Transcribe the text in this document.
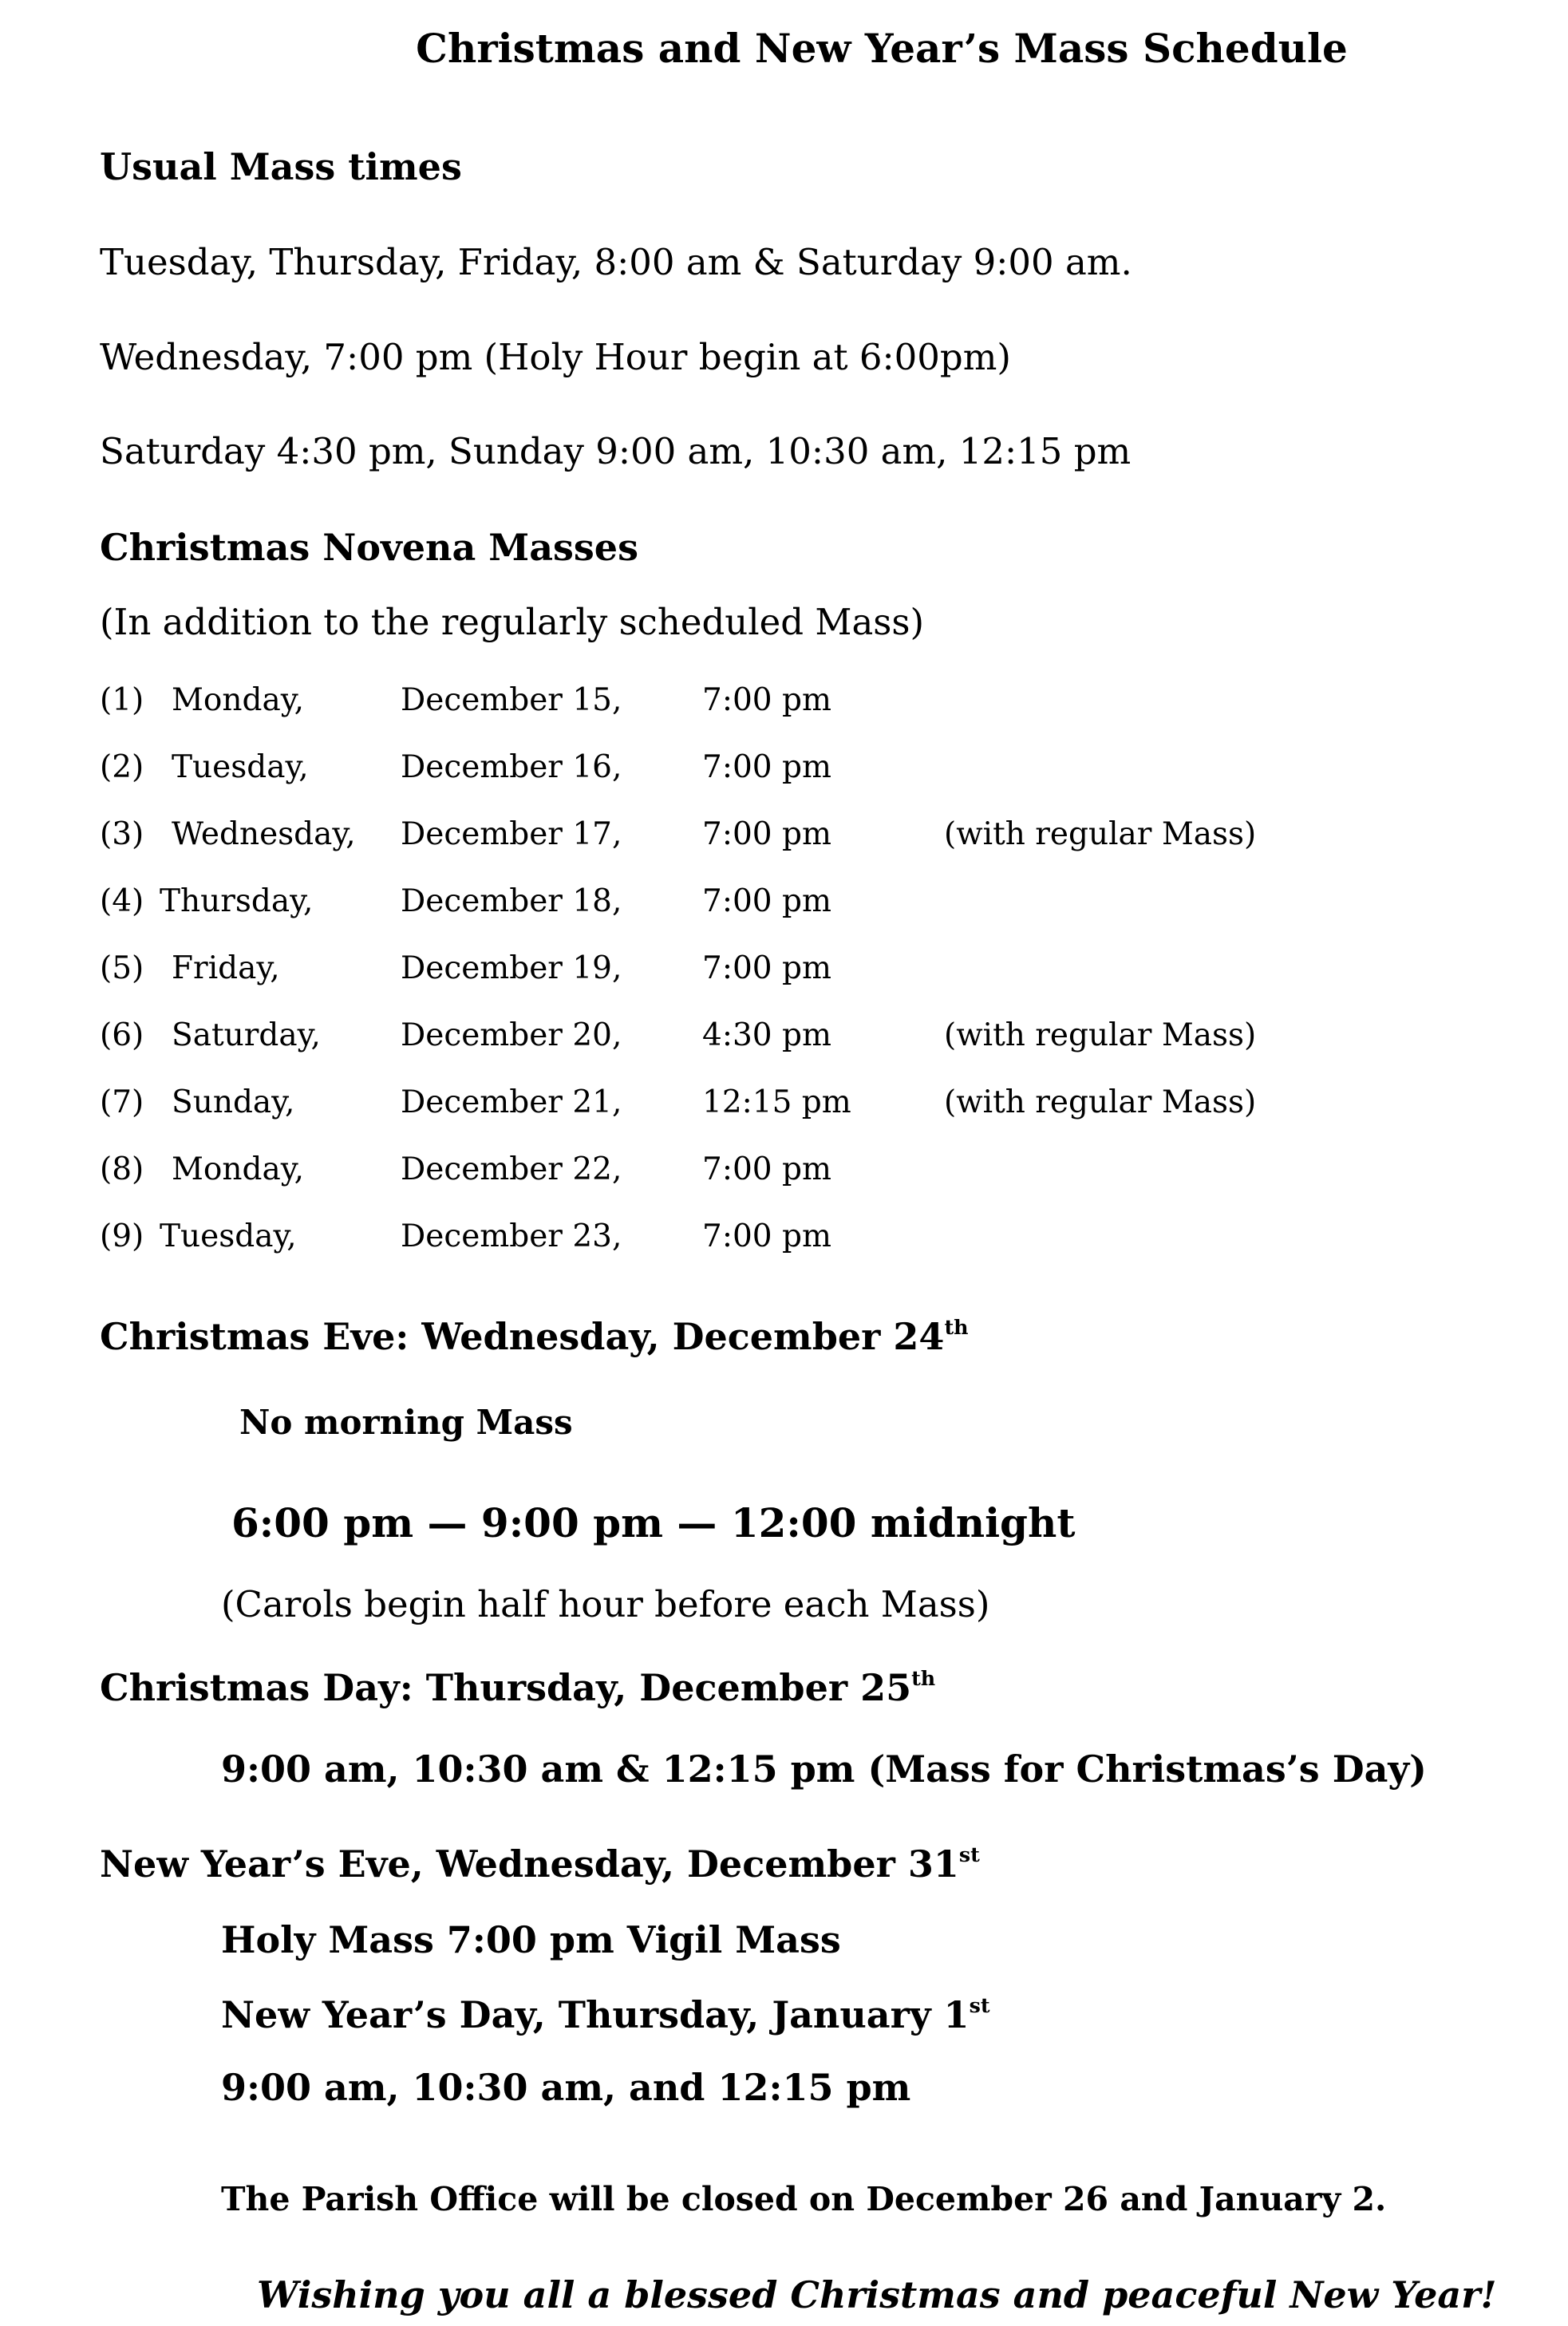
Christmas and New Year’s Mass Schedule
Usual Mass times
Tuesday, Thursday, Friday, 8:00 am & Saturday 9:00 am.
Wednesday, 7:00 pm (Holy Hour begin at 6:00pm)
Saturday 4:30 pm, Sunday 9:00 am, 10:30 am, 12:15 pm
Christmas Novena Masses
(In addition to the regularly scheduled Mass)
(1) Monday,	December 15,	7:00 pm
(2) Tuesday,	December 16,	7:00 pm
(3) Wednesday, December 17,	7:00 pm	(with regular Mass)
(4) Thursday,	December 18,	7:00 pm
(5) Friday,	December 19,	7:00 pm
(6) Saturday,	December 20,	4:30 pm	(with regular Mass)
(7) Sunday,	December 21,	12:15 pm	(with regular Mass)
(8) Monday,	December 22,	7:00 pm
(9) Tuesday,	December 23,	7:00 pm
Christmas Eve: Wednesday, December 24th
No morning Mass
6:00 pm — 9:00 pm — 12:00 midnight
(Carols begin half hour before each Mass)
Christmas Day: Thursday, December 25th
9:00 am, 10:30 am & 12:15 pm (Mass for Christmas’s Day)
New Year’s Eve, Wednesday, December 31st
Holy Mass 7:00 pm Vigil Mass
New Year’s Day, Thursday, January 1st
9:00 am, 10:30 am, and 12:15 pm
The Parish Office will be closed on December 26 and January 2.
Wishing you all a blessed Christmas and peaceful New Year!
